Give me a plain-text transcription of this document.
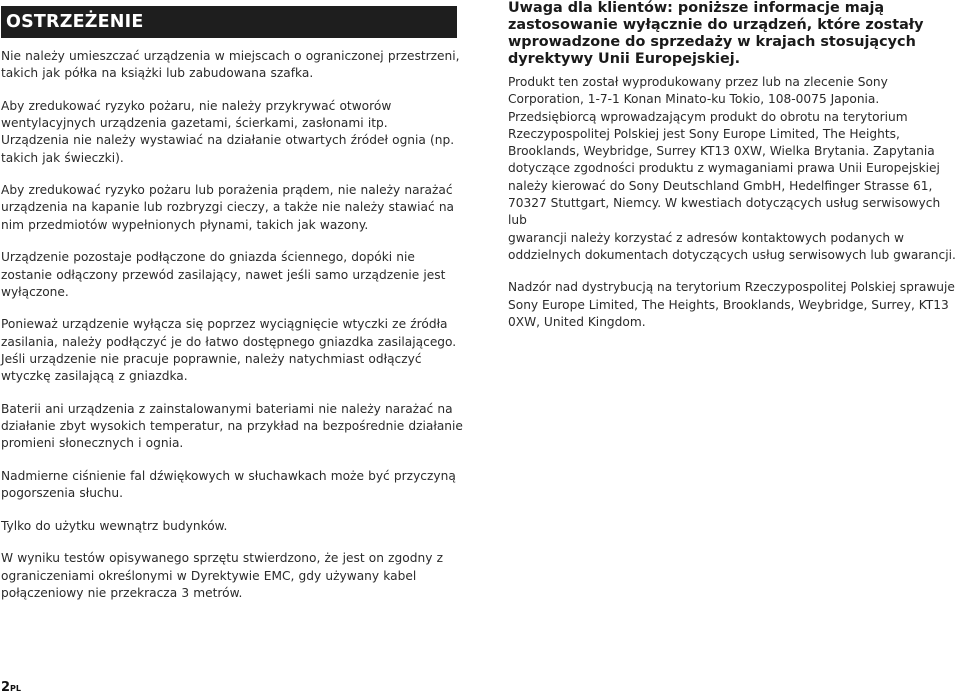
OSTRZEŻENIE

Nie należy umieszczać urządzenia w miejscach o ograniczonej przestrzeni,
takich jak półka na książki lub zabudowana szafka.

Aby zredukować ryzyko pożaru, nie należy przykrywać otworów
wentylacyjnych urządzenia gazetami, ścierkami, zasłonami itp.
Urządzenia nie należy wystawiać na działanie otwartych źródeł ognia (np.
takich jak świeczki).

Aby zredukować ryzyko pożaru lub porażenia prądem, nie należy narażać
urządzenia na kapanie lub rozbryzgi cieczy, a także nie należy stawiać na
nim przedmiotów wypełnionych płynami, takich jak wazony.

Urządzenie pozostaje podłączone do gniazda ściennego, dopóki nie
zostanie odłączony przewód zasilający, nawet jeśli samo urządzenie jest
wyłączone.

Ponieważ urządzenie wyłącza się poprzez wyciągnięcie wtyczki ze źródła
zasilania, należy podłączyć je do łatwo dostępnego gniazdka zasilającego.
Jeśli urządzenie nie pracuje poprawnie, należy natychmiast odłączyć
wtyczkę zasilającą z gniazdka.

Baterii ani urządzenia z zainstalowanymi bateriami nie należy narażać na
działanie zbyt wysokich temperatur, na przykład na bezpośrednie działanie
promieni słonecznych i ognia.

Nadmierne ciśnienie fal dźwiękowych w słuchawkach może być przyczyną
pogorszenia słuchu.

Tylko do użytku wewnątrz budynków.

W wyniku testów opisywanego sprzętu stwierdzono, że jest on zgodny z
ograniczeniami określonymi w Dyrektywie EMC, gdy używany kabel
połączeniowy nie przekracza 3 metrów.

Uwaga dla klientów: poniższe informacje mają
zastosowanie wyłącznie do urządzeń, które zostały
wprowadzone do sprzedaży w krajach stosujących
dyrektywy Unii Europejskiej.

Produkt ten został wyprodukowany przez lub na zlecenie Sony
Corporation, 1-7-1 Konan Minato-ku Tokio, 108-0075 Japonia.
Przedsiębiorcą wprowadzającym produkt do obrotu na terytorium
Rzeczypospolitej Polskiej jest Sony Europe Limited, The Heights,
Brooklands, Weybridge, Surrey KT13 0XW, Wielka Brytania. Zapytania
dotyczące zgodności produktu z wymaganiami prawa Unii Europejskiej
należy kierować do Sony Deutschland GmbH, Hedelfinger Strasse 61,
70327 Stuttgart, Niemcy. W kwestiach dotyczących usług serwisowych lub
gwarancji należy korzystać z adresów kontaktowych podanych w
oddzielnych dokumentach dotyczących usług serwisowych lub gwarancji.

Nadzór nad dystrybucją na terytorium Rzeczypospolitej Polskiej sprawuje
Sony Europe Limited, The Heights, Brooklands, Weybridge, Surrey, KT13
0XW, United Kingdom.

2PL
